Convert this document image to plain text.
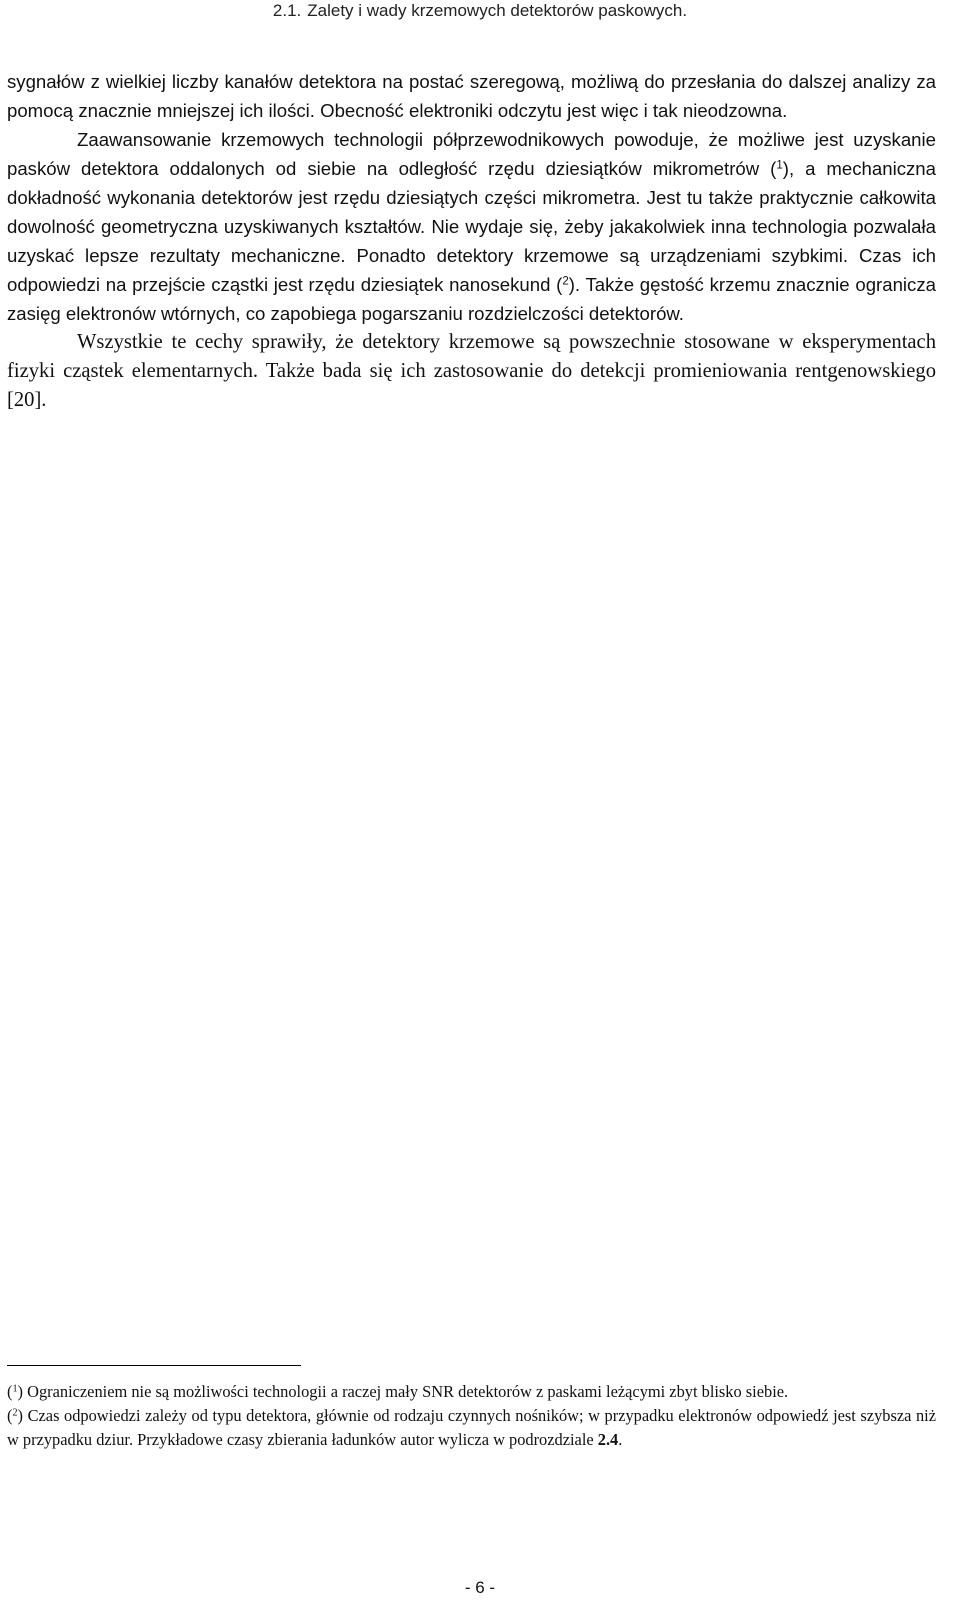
2.1. Zalety i wady krzemowych detektorów paskowych.

sygnałów z wielkiej liczby kanałów detektora na postać szeregową, możliwą do przesłania do dalszej analizy za pomocą znacznie mniejszej ich ilości. Obecność elektroniki odczytu jest więc i tak nieodzowna.

Zaawansowanie krzemowych technologii półprzewodnikowych powoduje, że możliwe jest uzyskanie pasków detektora oddalonych od siebie na odległość rzędu dziesiątków mikrometrów ($^1$), a mechaniczna dokładność wykonania detektorów jest rzędu dziesiątych części mikrometra. Jest tu także praktycznie całkowita dowolność geometryczna uzyskiwanych kształtów. Nie wydaje się, żeby jakakolwiek inna technologia pozwalała uzyskać lepsze rezultaty mechaniczne. Ponadto detektory krzemowe są urządzeniami szybkimi. Czas ich odpowiedzi na przejście cząstki jest rzędu dziesiątek nanosekund ($^2$). Także gęstość krzemu znacznie ogranicza zasięg elektronów wtórnych, co zapobiega pogarszaniu rozdzielczości detektorów.

Wszystkie te cechy sprawiły, że detektory krzemowe są powszechnie stosowane w eksperymentach fizyki cząstek elementarnych. Także bada się ich zastosowanie do detekcji promieniowania rentgenowskiego [20].

($^1$) Ograniczeniem nie są możliwości technologii a raczej mały SNR detektorów z paskami leżącymi zbyt blisko siebie.

($^2$) Czas odpowiedzi zależy od typu detektora, głównie od rodzaju czynnych nośników; w przypadku elektronów odpowiedź jest szybsza niż w przypadku dziur. Przykładowe czasy zbierania ładunków autor wylicza w podrozdziale 2.4.

- 6 -
